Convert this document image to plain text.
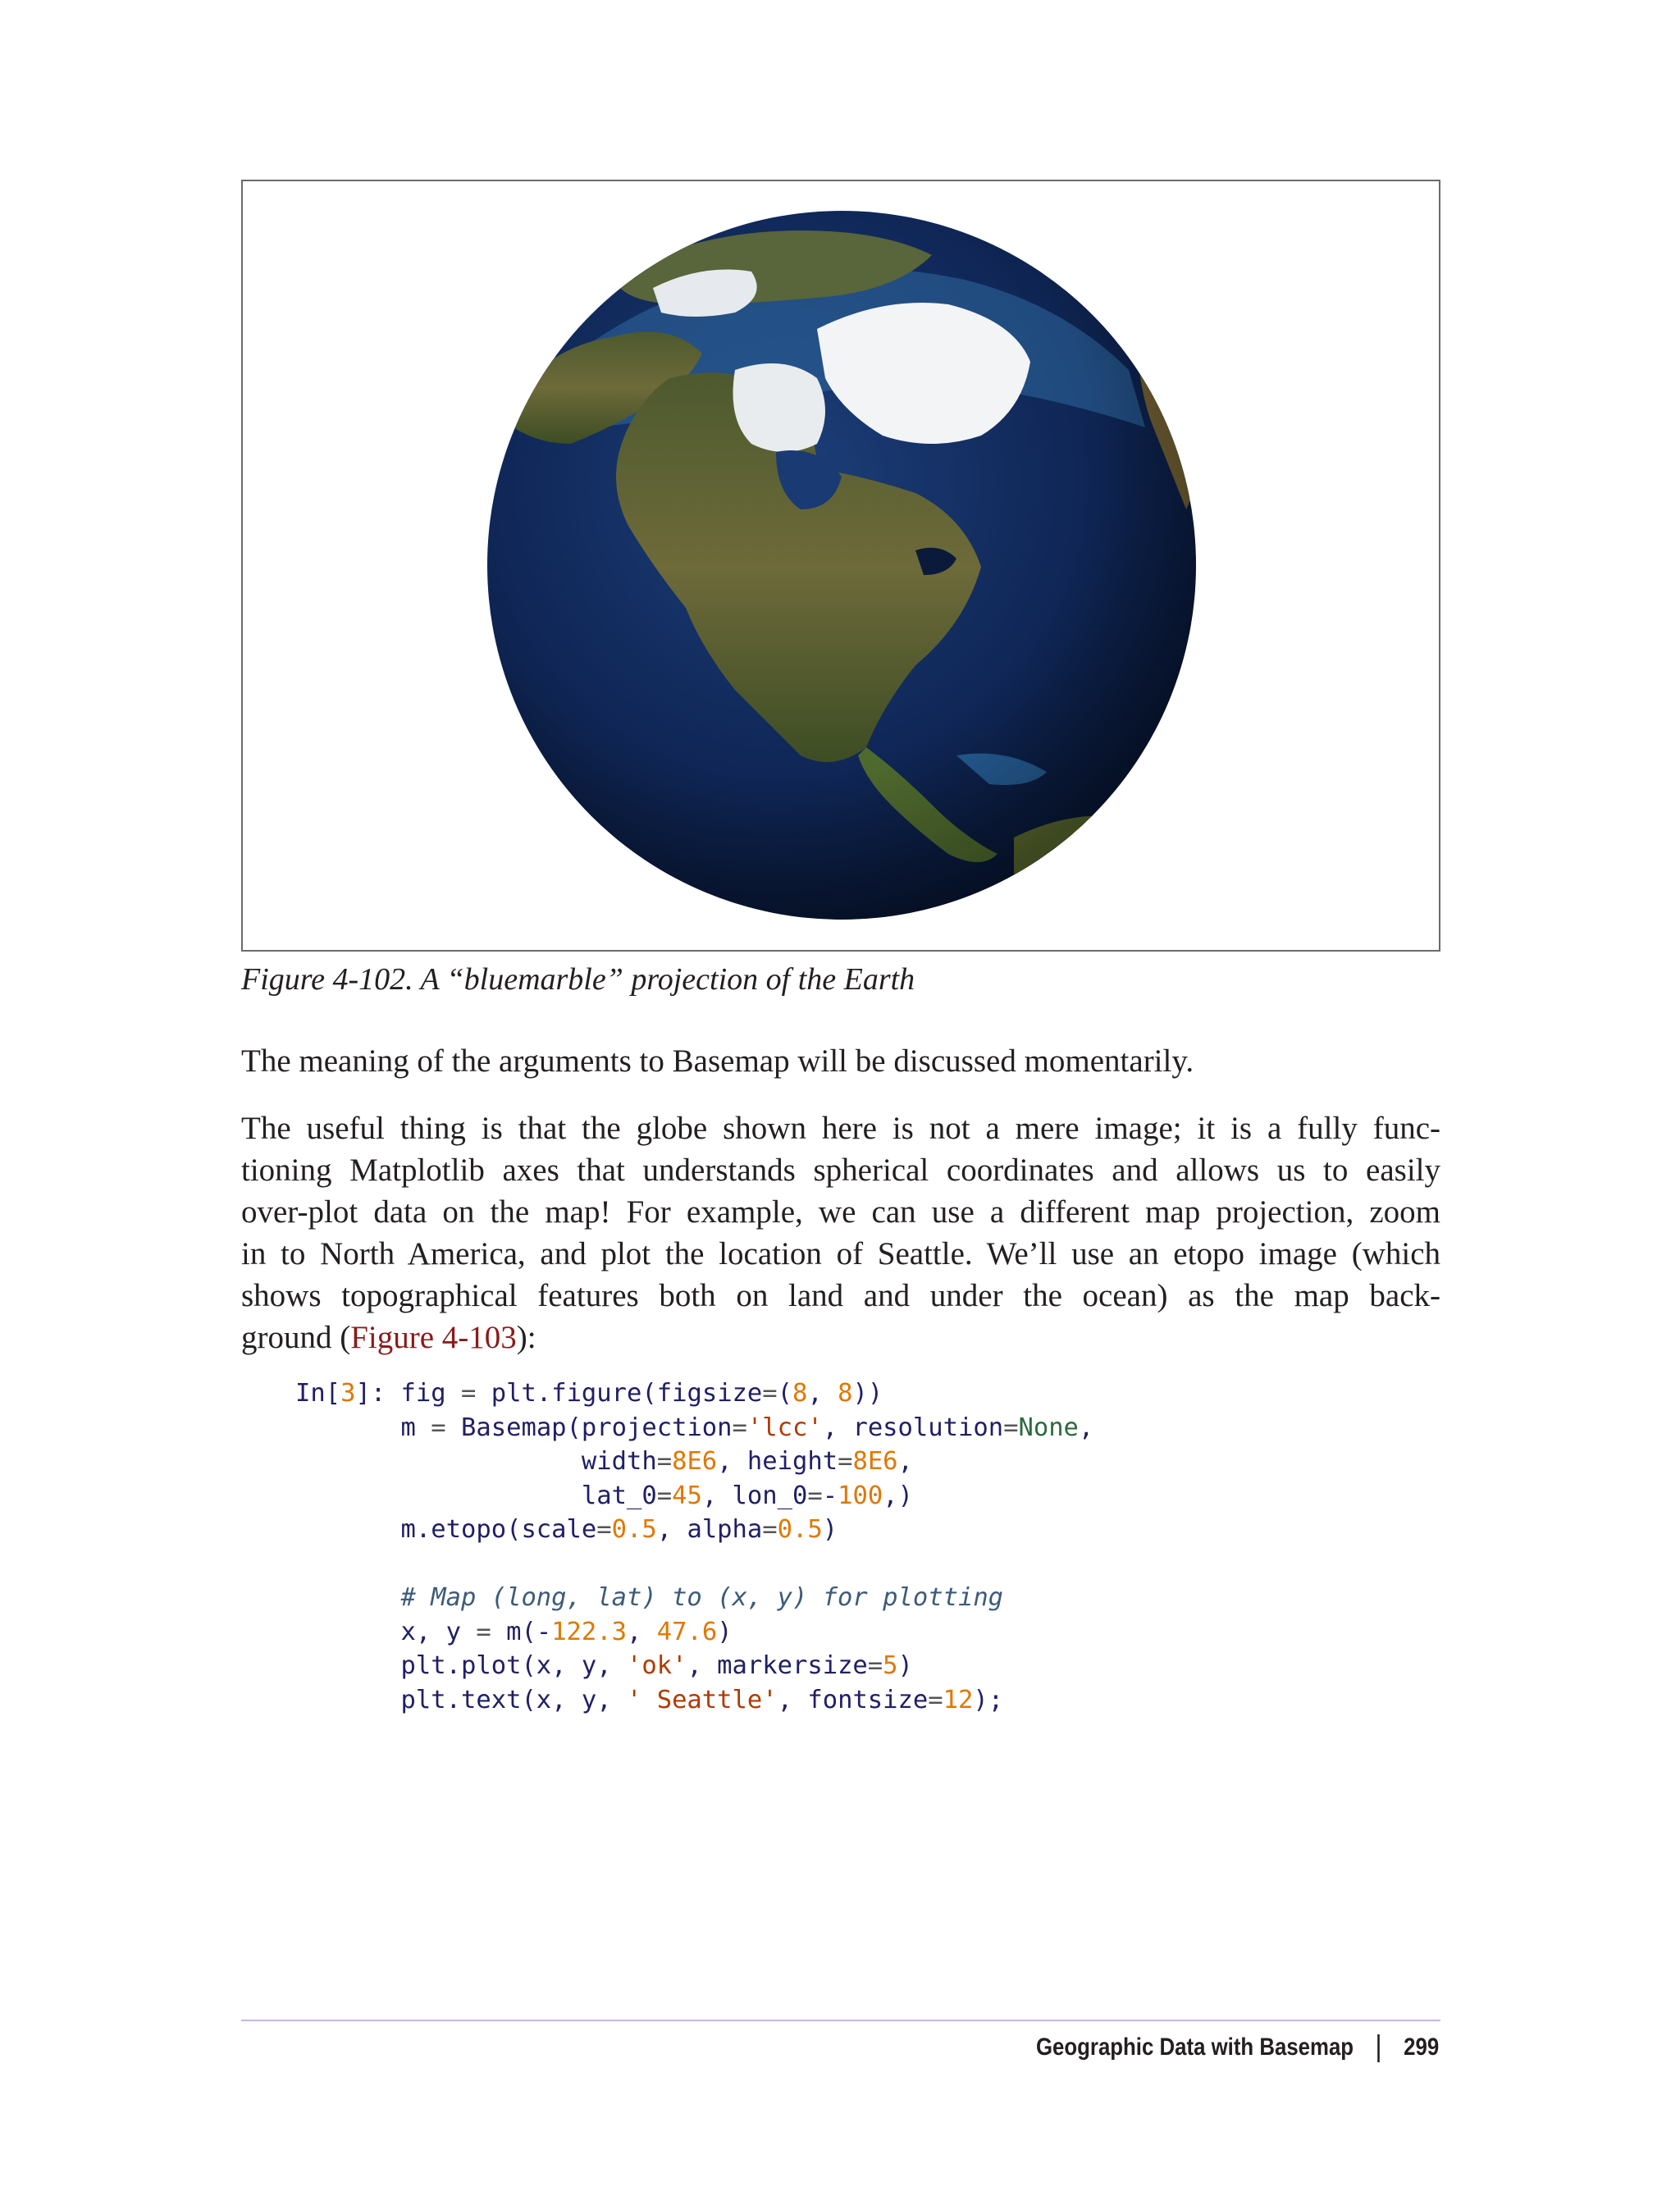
Figure 4-102. A “bluemarble” projection of the Earth

The meaning of the arguments to Basemap will be discussed momentarily.

The useful thing is that the globe shown here is not a mere image; it is a fully func-
tioning Matplotlib axes that understands spherical coordinates and allows us to easily
over-plot data on the map! For example, we can use a different map projection, zoom
in to North America, and plot the location of Seattle. We’ll use an etopo image (which
shows topographical features both on land and under the ocean) as the map back-
ground (Figure 4-103):

In[3]: fig = plt.figure(figsize=(8, 8))
m = Basemap(projection='lcc', resolution=None,
width=8E6, height=8E6,
lat_0=45, lon_0=-100,)
m.etopo(scale=0.5, alpha=0.5)

# Map (long, lat) to (x, y) for plotting
x, y = m(-122.3, 47.6)
plt.plot(x, y, 'ok', markersize=5)
plt.text(x, y, ' Seattle', fontsize=12);
Geographic Data with Basemap 299
